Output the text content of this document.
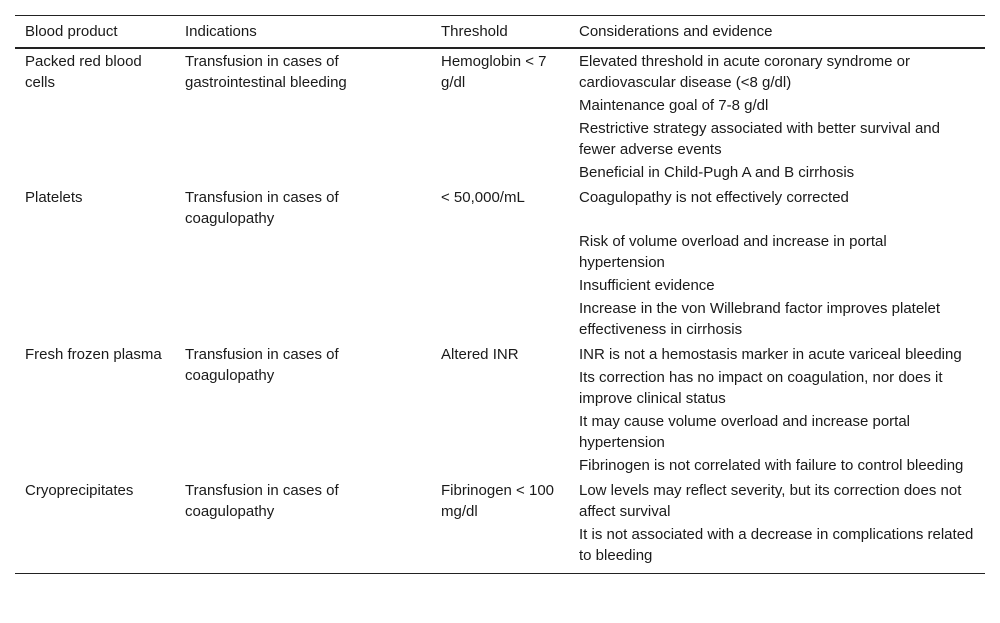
Blood product	Indications	Threshold	Considerations and evidence
Packed red blood cells	Transfusion in cases of gastrointestinal bleeding	Hemoglobin < 7 g/dl	Elevated threshold in acute coronary syndrome or cardiovascular disease (<8 g/dl)
Maintenance goal of 7-8 g/dl
Restrictive strategy associated with better survival and fewer adverse events
Beneficial in Child-Pugh A and B cirrhosis

Platelets	Transfusion in cases of coagulopathy	< 50,000/mL	Coagulopathy is not effectively corrected
Risk of volume overload and increase in portal hypertension
Insufficient evidence
Increase in the von Willebrand factor improves platelet effectiveness in cirrhosis

Fresh frozen plasma	Transfusion in cases of coagulopathy	Altered INR	INR is not a hemostasis marker in acute variceal bleeding
Its correction has no impact on coagulation, nor does it improve clinical status
It may cause volume overload and increase portal hypertension
Fibrinogen is not correlated with failure to control bleeding

Cryoprecipitates	Transfusion in cases of coagulopathy	Fibrinogen < 100 mg/dl	Low levels may reflect severity, but its correction does not affect survival
It is not associated with a decrease in complications related to bleeding
